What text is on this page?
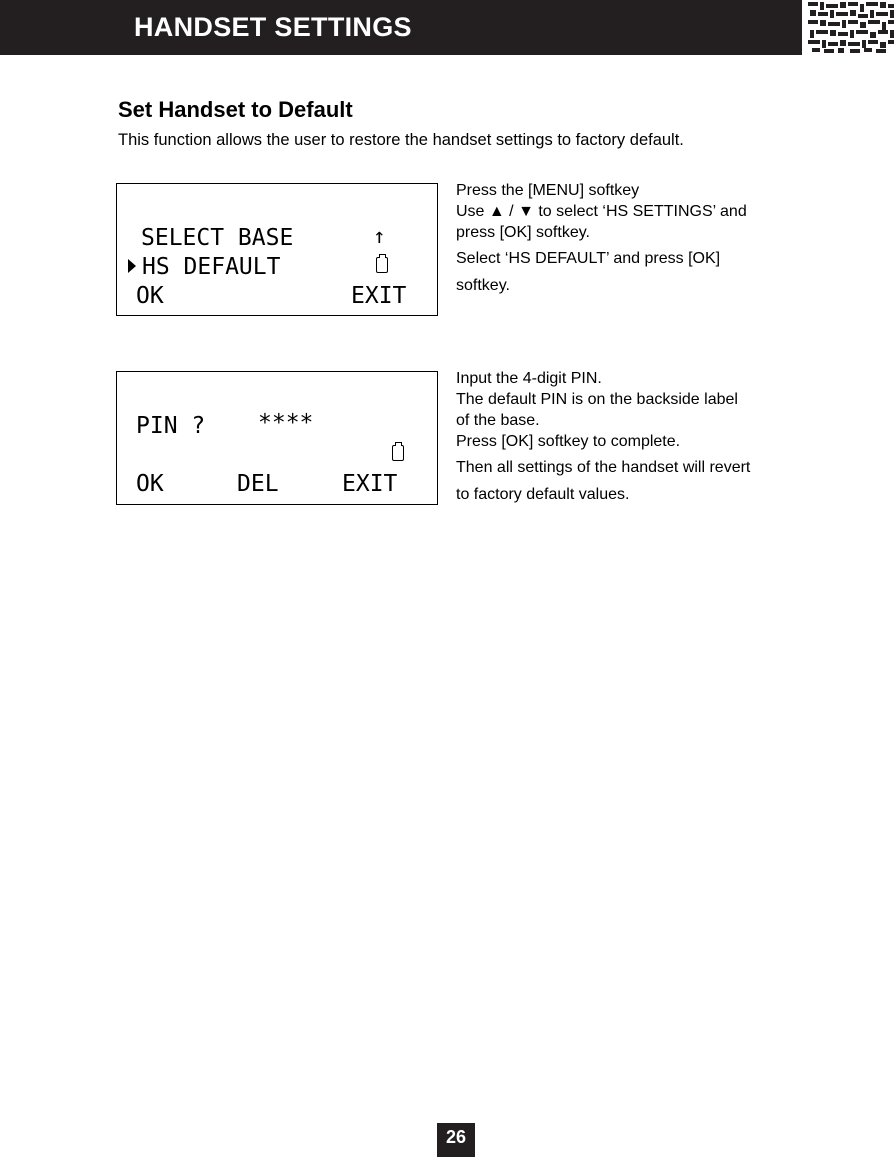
HANDSET SETTINGS
Set Handset to Default
This function allows the user to restore the handset settings to factory default.
SELECT BASE	↑
HS DEFAULT
OK	EXIT
Press the [MENU] softkey
Use ▲ / ▼ to select ‘HS SETTINGS’ and
press [OK] softkey.
Select ‘HS DEFAULT’ and press [OK]
softkey.
PIN ? ****
OK	DEL	EXIT
Input the 4-digit PIN.
The default PIN is on the backside label
of the base.
Press [OK] softkey to complete.
Then all settings of the handset will revert
to factory default values.
26
